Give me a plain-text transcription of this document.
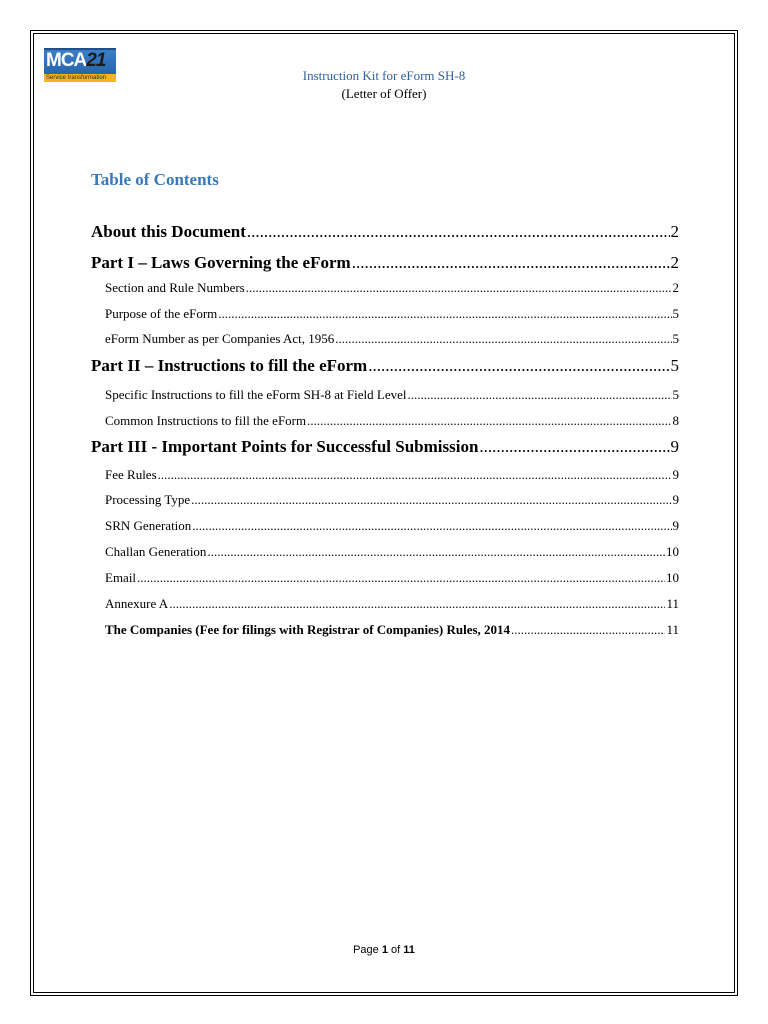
MCA21
Service transformation	Instruction Kit for eForm SH-8
(Letter of Offer)
Table of Contents
About this Document .....	2
Part I – Laws Governing the eForm .....	2
Section and Rule Numbers .....	2
Purpose of the eForm .....	5
eForm Number as per Companies Act, 1956 .....	5
Part II – Instructions to fill the eForm .....	5
Specific Instructions to fill the eForm SH-8 at Field Level .....	5
Common Instructions to fill the eForm .....	8
Part III - Important Points for Successful Submission .....	9
Fee Rules .....	9
Processing Type .....	9
SRN Generation .....	9
Challan Generation .....	10
Email .....	10
Annexure A .....	11
The Companies (Fee for filings with Registrar of Companies) Rules, 2014 .....	11
Page 1 of 11
